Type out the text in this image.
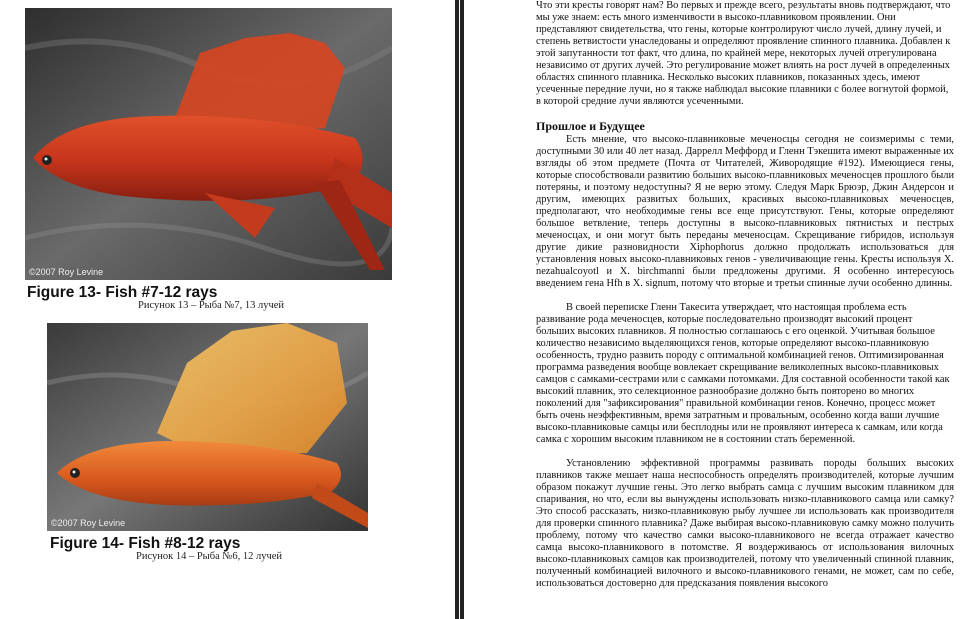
©2007 Roy Levine
Figure 13- Fish #7-12 rays
Рисунок 13 – Рыба №7, 13 лучей
©2007 Roy Levine
Figure 14- Fish #8-12 rays
Рисунок 14 – Рыба №6, 12 лучей

Что эти кресты говорят нам? Во первых и прежде всего, результаты вновь подтверждают, что мы уже знаем: есть много изменчивости в высоко-плавниковом проявлении. Они представляют свидетельства, что гены, которые контролируют число лучей, длину лучей, и степень ветвистости унаследованы и определяют проявление спинного плавника. Добавлен к этой запутанности тот факт, что длина, по крайней мере, некоторых лучей отрегулирована независимо от других лучей. Это регулирование может влиять на рост лучей в определенных областях спинного плавника. Несколько высоких плавников, показанных здесь, имеют усеченные передние лучи, но я также наблюдал высокие плавники с более вогнутой формой, в которой средние лучи являются усеченными.

Прошлое и Будущее

Есть мнение, что высоко-плавниковые меченосцы сегодня не соизмеримы с теми, доступными 30 или 40 лет назад. Даррелл Меффорд и Гленн Тэкешита имеют выраженные их взгляды об этом предмете (Почта от Читателей, Живородящие #192). Имеющиеся гены, которые способствовали развитию больших высоко-плавниковых меченосцев прошлого были потеряны, и поэтому недоступны? Я не верю этому. Следуя Марк Брюэр, Джин Андерсон и другим, имеющих развитых больших, красивых высоко-плавниковых меченосцев, предполагают, что необходимые гены все еще присутствуют. Гены, которые определяют большое ветвление, теперь доступны в высоко-плавниковых пятнистых и пестрых меченосцах, и они могут быть переданы меченосцам. Скрещивание гибридов, используя другие дикие разновидности Xiphophorus должно продолжать использоваться для установления новых высоко-плавниковых генов - увеличивающие гены. Кресты используя X. nezahualcoyotl и X. birchmanni были предложены другими. Я особенно интересуюсь введением гена Hfh в X. signum, потому что вторые и третьи спинные лучи особенно длинны.

В своей переписке Гленн Такесита утверждает, что настоящая проблема есть развивание рода меченосцев, которые последовательно производят высокий процент больших высоких плавников. Я полностью соглашаюсь с его оценкой. Учитывая большое количество независимо выделяющихся генов, которые определяют высоко-плавниковую особенность, трудно развить породу с оптимальной комбинацией генов. Оптимизированная программа разведения вообще вовлекает скрещивание великолепных высоко-плавниковых самцов с самками-сестрами или с самками потомками. Для составной особенности такой как высокий плавник, это селекционное разнообразие должно быть повторено во многих поколений для "зафиксирования" правильной комбинации генов. Конечно, процесс может быть очень неэффективным, время затратным и провальным, особенно когда ваши лучшие высоко-плавниковые самцы или бесплодны или не проявляют интереса к самкам, или когда самка с хорошим высоким плавником не в состоянии стать беременной.

Установлению эффективной программы развивать породы больших высоких плавников также мешает наша неспособность определять производителей, которые лучшим образом покажут лучшие гены. Это легко выбрать самца с лучшим высоким плавником для спаривания, но что, если вы вынуждены использовать низко-плавникового самца или самку? Это способ рассказать, низко-плавниковую рыбу лучшее ли использовать как производителя для проверки спинного плавника? Даже выбирая высоко-плавниковую самку можно получить проблему, потому что качество самки высоко-плавникового не всегда отражает качество самца высоко-плавникового в потомстве. Я воздерживаюсь от использования вилочных высоко-плавниковых самцов как производителей, потому что увеличенный спинной плавник, полученный комбинацией вилочного и высоко-плавникового генами, не может, сам по себе, использоваться достоверно для предсказания появления высокого
